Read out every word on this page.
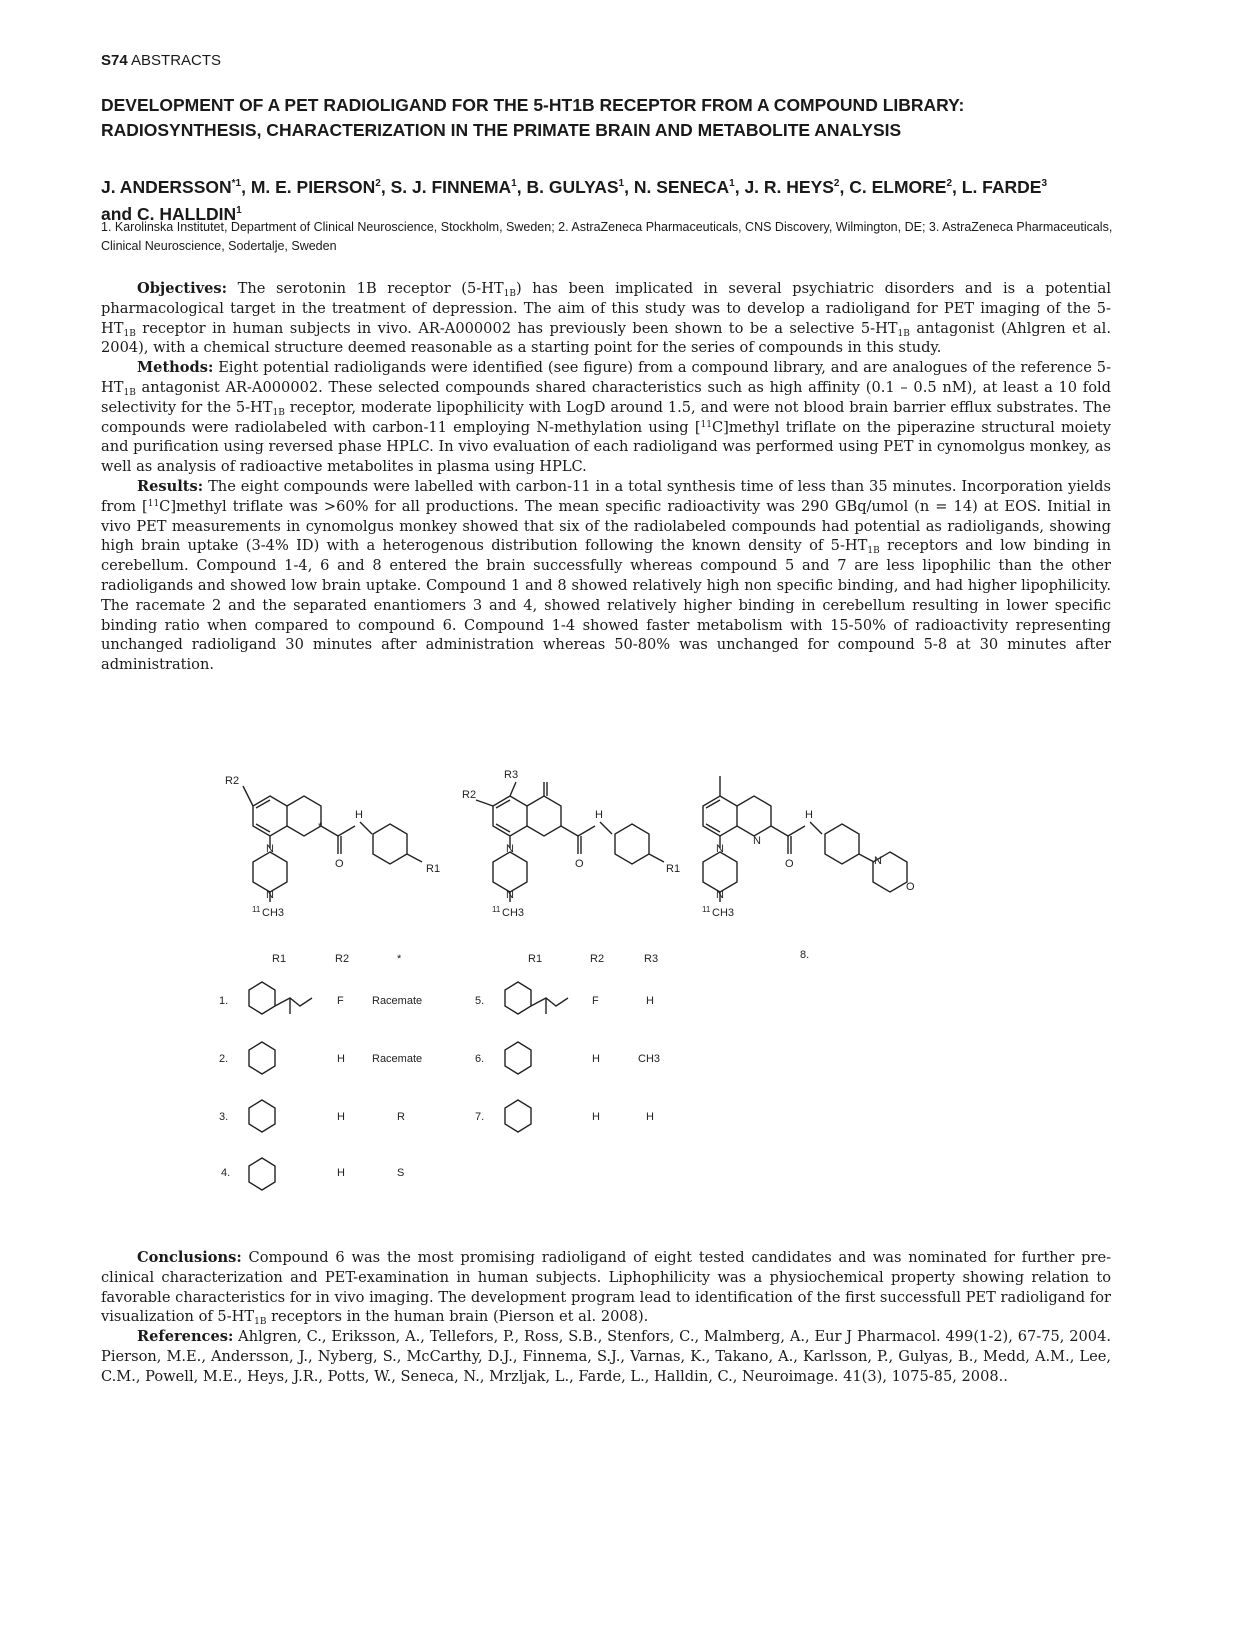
S74 ABSTRACTS
DEVELOPMENT OF A PET RADIOLIGAND FOR THE 5-HT1B RECEPTOR FROM A COMPOUND LIBRARY: RADIOSYNTHESIS, CHARACTERIZATION IN THE PRIMATE BRAIN AND METABOLITE ANALYSIS
J. ANDERSSON$^{*1}$, M. E. PIERSON$^2$, S. J. FINNEMA$^1$, B. GULYAS$^1$, N. SENECA$^1$, J. R. HEYS$^2$, C. ELMORE$^2$, L. FARDE$^3$
and C. HALLDIN$^1$
1. Karolinska Institutet, Department of Clinical Neuroscience, Stockholm, Sweden; 2. AstraZeneca Pharmaceuticals, CNS Discovery, Wilmington, DE; 3. AstraZeneca Pharmaceuticals, Clinical Neuroscience, Sodertalje, Sweden

Objectives: The serotonin 1B receptor $(5-HT_{1B})$ has been implicated in several psychiatric disorders and is a potential pharmacological target in the treatment of depression. The aim of this study was to develop a radioligand for PET imaging of the $5-HT_{1B}$ receptor in human subjects in vivo. AR-A000002 has previously been shown to be a selective $5-HT_{1B}$ antagonist (Ahlgren et al. 2004), with a chemical structure deemed reasonable as a starting point for the series of compounds in this study.

Methods: Eight potential radioligands were identified (see figure) from a compound library, and are analogues of the reference $5-HT_{1B}$ antagonist AR-A000002. These selected compounds shared characteristics such as high affinity (0.1 – 0.5 nM), at least a 10 fold selectivity for the $5-HT_{1B}$ receptor, moderate lipophilicity with LogD around 1.5, and were not blood brain barrier efflux substrates. The compounds were radiolabeled with carbon-11 employing N-methylation using [$^{11}$C]methyl triflate on the piperazine structural moiety and purification using reversed phase HPLC. In vivo evaluation of each radioligand was performed using PET in cynomolgus monkey, as well as analysis of radioactive metabolites in plasma using HPLC.

Results: The eight compounds were labelled with carbon-11 in a total synthesis time of less than 35 minutes. Incorporation yields from [$^{11}$C]methyl triflate was >60% for all productions. The mean specific radioactivity was 290 GBq/umol (n = 14) at EOS. Initial in vivo PET measurements in cynomolgus monkey showed that six of the radiolabeled compounds had potential as radioligands, showing high brain uptake (3-4% ID) with a heterogenous distribution following the known density of $5-HT_{1B}$ receptors and low binding in cerebellum. Compound 1-4, 6 and 8 entered the brain successfully whereas compound 5 and 7 are less lipophilic than the other radioligands and showed low brain uptake. Compound 1 and 8 showed relatively high non specific binding, and had higher lipophilicity. The racemate 2 and the separated enantiomers 3 and 4, showed relatively higher binding in cerebellum resulting in lower specific binding ratio when compared to compound 6. Compound 1-4 showed faster metabolism with 15-50% of radioactivity representing unchanged radioligand 30 minutes after administration whereas 50-80% was unchanged for compound 5-8 at 30 minutes after administration.

R2
R1
O
*
H
N
N
11 CH3
R2
R3
R1
O
H
N
N
11 CH3
O
H
N
N
N
11 CH3
N
O
R1	R2	*
1.	F	Racemate
2.	H Racemate
3.	H	R
4.	H	S
R1	R2	R3
5.	F	H
6.	H	CH3
7.	H	H
8.

Conclusions: Compound 6 was the most promising radioligand of eight tested candidates and was nominated for further pre-clinical characterization and PET-examination in human subjects. Liphophilicity was a physiochemical property showing relation to favorable characteristics for in vivo imaging. The development program lead to identification of the first successfull PET radioligand for visualization of $5-HT_{1B}$ receptors in the human brain (Pierson et al. 2008).

References: Ahlgren, C., Eriksson, A., Tellefors, P., Ross, S.B., Stenfors, C., Malmberg, A., Eur J Pharmacol. 499(1-2), 67-75, 2004. Pierson, M.E., Andersson, J., Nyberg, S., McCarthy, D.J., Finnema, S.J., Varnas, K., Takano, A., Karlsson, P., Gulyas, B., Medd, A.M., Lee, C.M., Powell, M.E., Heys, J.R., Potts, W., Seneca, N., Mrzljak, L., Farde, L., Halldin, C., Neuroimage. 41(3), 1075-85, 2008..
